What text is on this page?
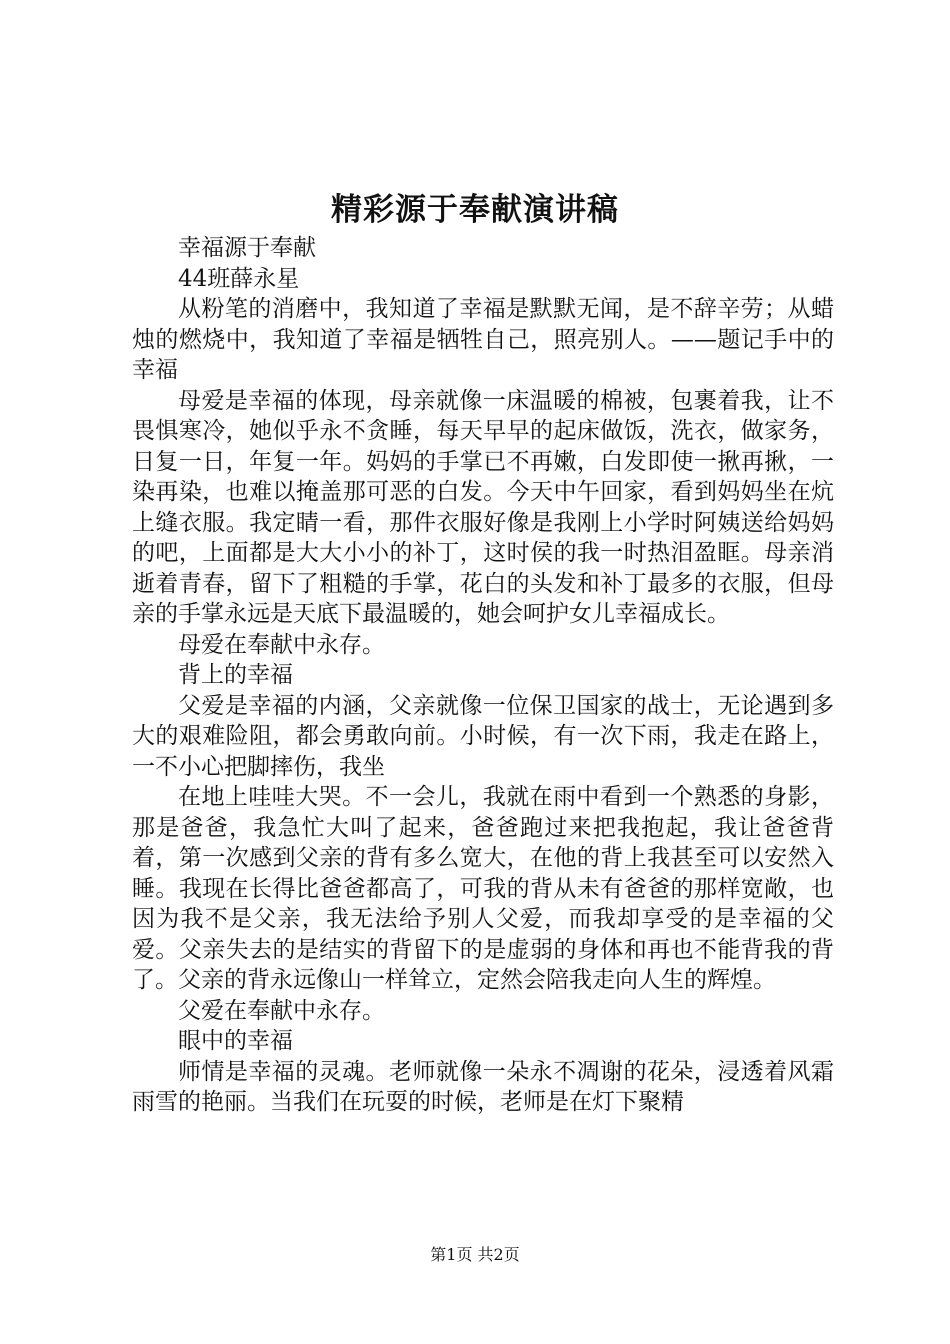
精彩源于奉献演讲稿

幸福源于奉献

44班薛永星

从粉笔的消磨中，我知道了幸福是默默无闻，是不辞辛劳；从蜡烛的燃烧中，我知道了幸福是牺牲自己，照亮别人。——题记手中的幸福

母爱是幸福的体现，母亲就像一床温暖的棉被，包裹着我，让不畏惧寒冷，她似乎永不贪睡，每天早早的起床做饭，洗衣，做家务，日复一日，年复一年。妈妈的手掌已不再嫩，白发即使一揪再揪，一染再染，也难以掩盖那可恶的白发。今天中午回家，看到妈妈坐在炕上缝衣服。我定睛一看，那件衣服好像是我刚上小学时阿姨送给妈妈的吧，上面都是大大小小的补丁，这时侯的我一时热泪盈眶。母亲消逝着青春，留下了粗糙的手掌，花白的头发和补丁最多的衣服，但母亲的手掌永远是天底下最温暖的，她会呵护女儿幸福成长。

母爱在奉献中永存。

背上的幸福

父爱是幸福的内涵，父亲就像一位保卫国家的战士，无论遇到多大的艰难险阻，都会勇敢向前。小时候，有一次下雨，我走在路上，一不小心把脚摔伤，我坐

在地上哇哇大哭。不一会儿，我就在雨中看到一个熟悉的身影，那是爸爸，我急忙大叫了起来，爸爸跑过来把我抱起，我让爸爸背着，第一次感到父亲的背有多么宽大，在他的背上我甚至可以安然入睡。我现在长得比爸爸都高了，可我的背从未有爸爸的那样宽敞，也因为我不是父亲，我无法给予别人父爱，而我却享受的是幸福的父爱。父亲失去的是结实的背留下的是虚弱的身体和再也不能背我的背了。父亲的背永远像山一样耸立，定然会陪我走向人生的辉煌。

父爱在奉献中永存。

眼中的幸福

师情是幸福的灵魂。老师就像一朵永不凋谢的花朵，浸透着风霜雨雪的艳丽。当我们在玩耍的时候，老师是在灯下聚精

第1页 共2页
